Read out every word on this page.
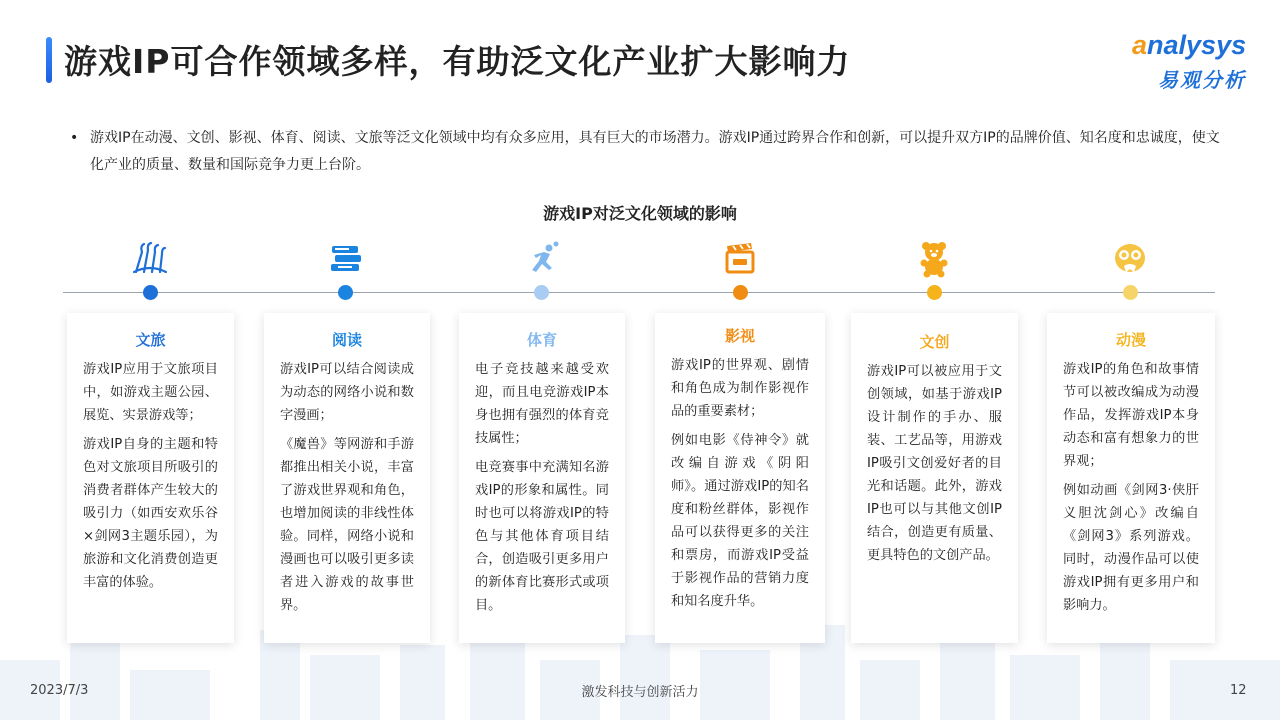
游戏IP可合作领域多样，有助泛文化产业扩大影响力	analysys
易观分析
• 游戏IP在动漫、文创、影视、体育、阅读、文旅等泛文化领域中均有众多应用，具有巨大的市场潜力。游戏IP通过跨界合作和创新，可以提升双方IP的品牌价值、知名度和忠诚度，使文化产业的质量、数量和国际竞争力更上台阶。

游戏IP对泛文化领域的影响
文旅

游戏IP应用于文旅项目中，如游戏主题公园、展览、实景游戏等；

游戏IP自身的主题和特色对文旅项目所吸引的消费者群体产生较大的吸引力（如西安欢乐谷×剑网3主题乐园），为旅游和文化消费创造更丰富的体验。

阅读

游戏IP可以结合阅读成为动态的网络小说和数字漫画；

《魔兽》等网游和手游都推出相关小说，丰富了游戏世界观和角色，也增加阅读的非线性体验。同样，网络小说和漫画也可以吸引更多读者进入游戏的故事世界。

体育

电子竞技越来越受欢迎，而且电竞游戏IP本身也拥有强烈的体育竞技属性；

电竞赛事中充满知名游戏IP的形象和属性。同时也可以将游戏IP的特色与其他体育项目结合，创造吸引更多用户的新体育比赛形式或项目。

影视

游戏IP的世界观、剧情和角色成为制作影视作品的重要素材；

例如电影《侍神令》就改编自游戏《阴阳师》。通过游戏IP的知名度和粉丝群体，影视作品可以获得更多的关注和票房，而游戏IP受益于影视作品的营销力度和知名度升华。

文创

游戏IP可以被应用于文创领域，如基于游戏IP设计制作的手办、服装、工艺品等，用游戏IP吸引文创爱好者的目光和话题。此外，游戏IP也可以与其他文创IP结合，创造更有质量、更具特色的文创产品。

动漫

游戏IP的角色和故事情节可以被改编成为动漫作品，发挥游戏IP本身动态和富有想象力的世界观；

例如动画《剑网3·侠肝义胆沈剑心》改编自《剑网3》系列游戏。同时，动漫作品可以使游戏IP拥有更多用户和影响力。

2023/7/3	激发科技与创新活力	12
